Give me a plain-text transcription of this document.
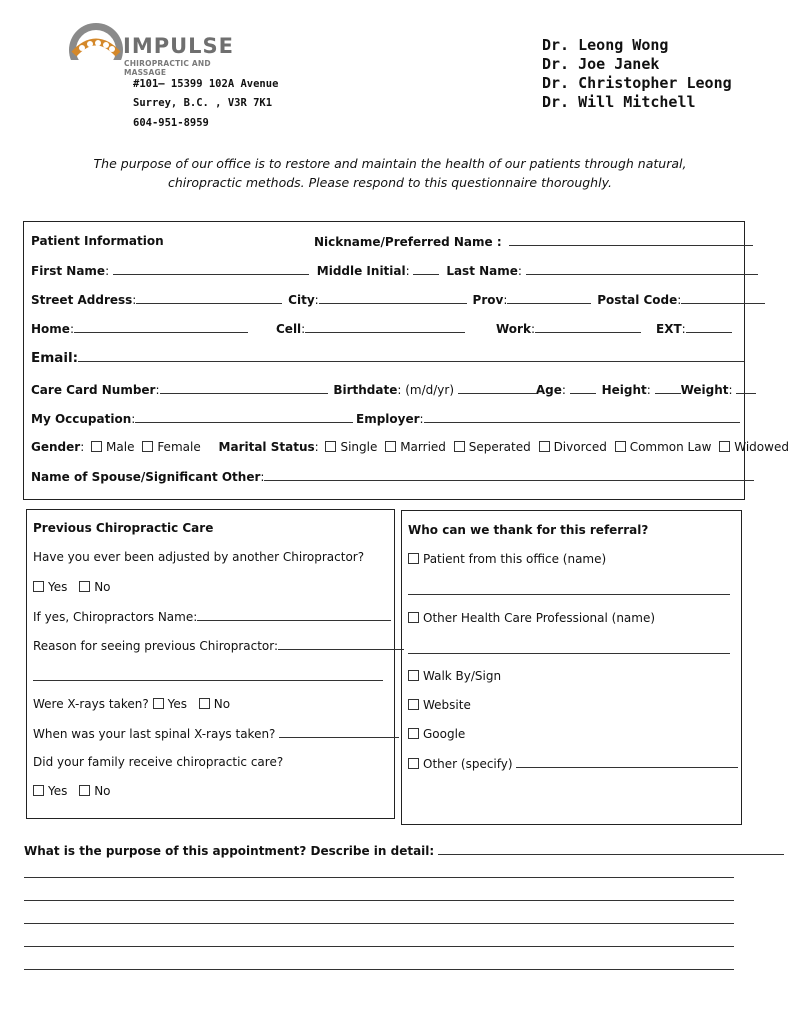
IMPULSE
CHIROPRACTIC AND MASSAGE
#101– 15399 102A Avenue
Surrey, B.C. , V3R 7K1
604-951-8959
Dr. Leong Wong
Dr. Joe Janek
Dr. Christopher Leong
Dr. Will Mitchell
The purpose of our office is to restore and maintain the health of our patients through natural,
chiropractic methods. Please respond to this questionnaire thoroughly.
Patient Information	Nickname/Preferred Name :
First Name:	Middle Initial:	Last Name:
Street Address:	City:	Prov:	Postal Code:
Home:	Cell:	Work:	EXT:
Email:
Care Card Number:	Birthdate: (m/d/yr)	Age:	Height: Weight:
My Occupation:	Employer:
Gender: Male Female Marital Status: Single Married Seperated Divorced Common Law Widowed
Name of Spouse/Significant Other:
Previous Chiropractic Care
Have you ever been adjusted by another Chiropractor?
Yes No
If yes, Chiropractors Name:
Reason for seeing previous Chiropractor:
Were X-rays taken? Yes No
When was your last spinal X-rays taken?
Did your family receive chiropractic care?
Yes No
Who can we thank for this referral?
Patient from this office (name)
Other Health Care Professional (name)
Walk By/Sign
Website
Google
Other (specify)
What is the purpose of this appointment? Describe in detail:
